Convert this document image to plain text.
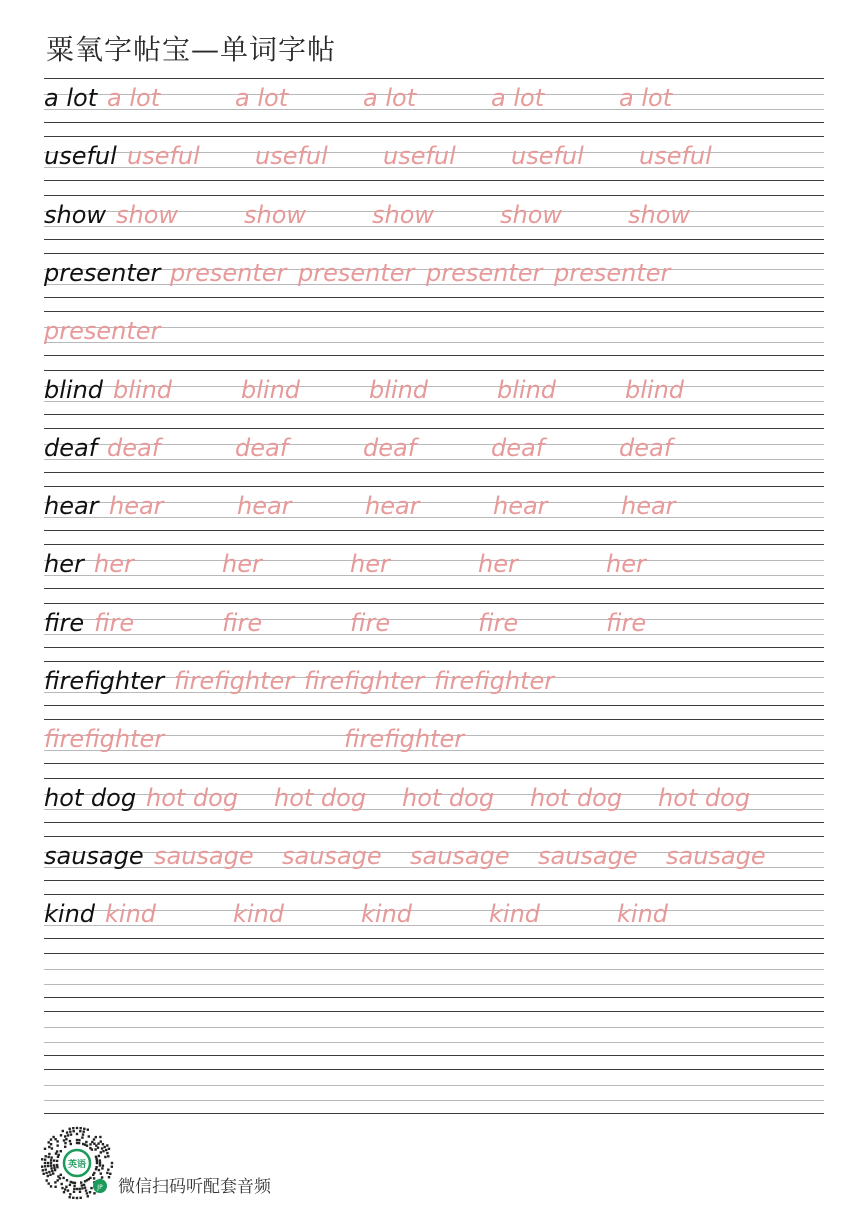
粟氧字帖宝—单词字帖
a lot a lot	a lot	a lot	a lot	a lot
useful useful useful useful useful useful
show show	show	show	show	show
presenter presenter presenter presenter presenter
presenter
blind blind	blind	blind	blind	blind
deaf deaf	deaf	deaf	deaf	deaf
hear hear	hear	hear	hear	hear
her her	her	her	her	her
fire fire	fire	fire	fire	fire
firefighter firefighter firefighter firefighter
firefighter	firefighter
hot dog hot dog hot dog hot dog hot dog hot dog
sausage sausage sausage sausage sausage sausage
kind kind	kind	kind	kind	kind
英语
JP 微信扫码听配套音频
